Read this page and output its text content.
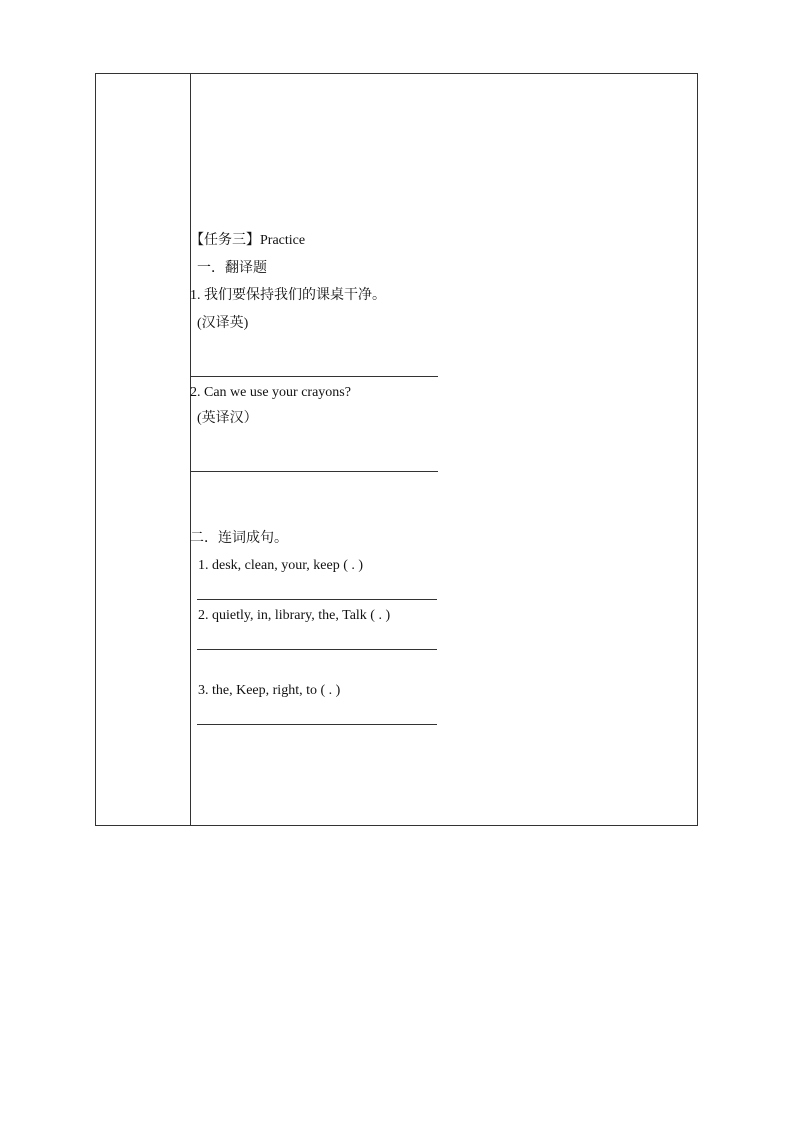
【任务三】Practice
一．翻译题
1. 我们要保持我们的课桌干净。
(汉译英)
2. Can we use your crayons?
(英译汉）
二．连词成句。
1. desk, clean, your, keep ( . )
2. quietly, in, library, the, Talk ( . )
3. the, Keep, right, to ( . )
